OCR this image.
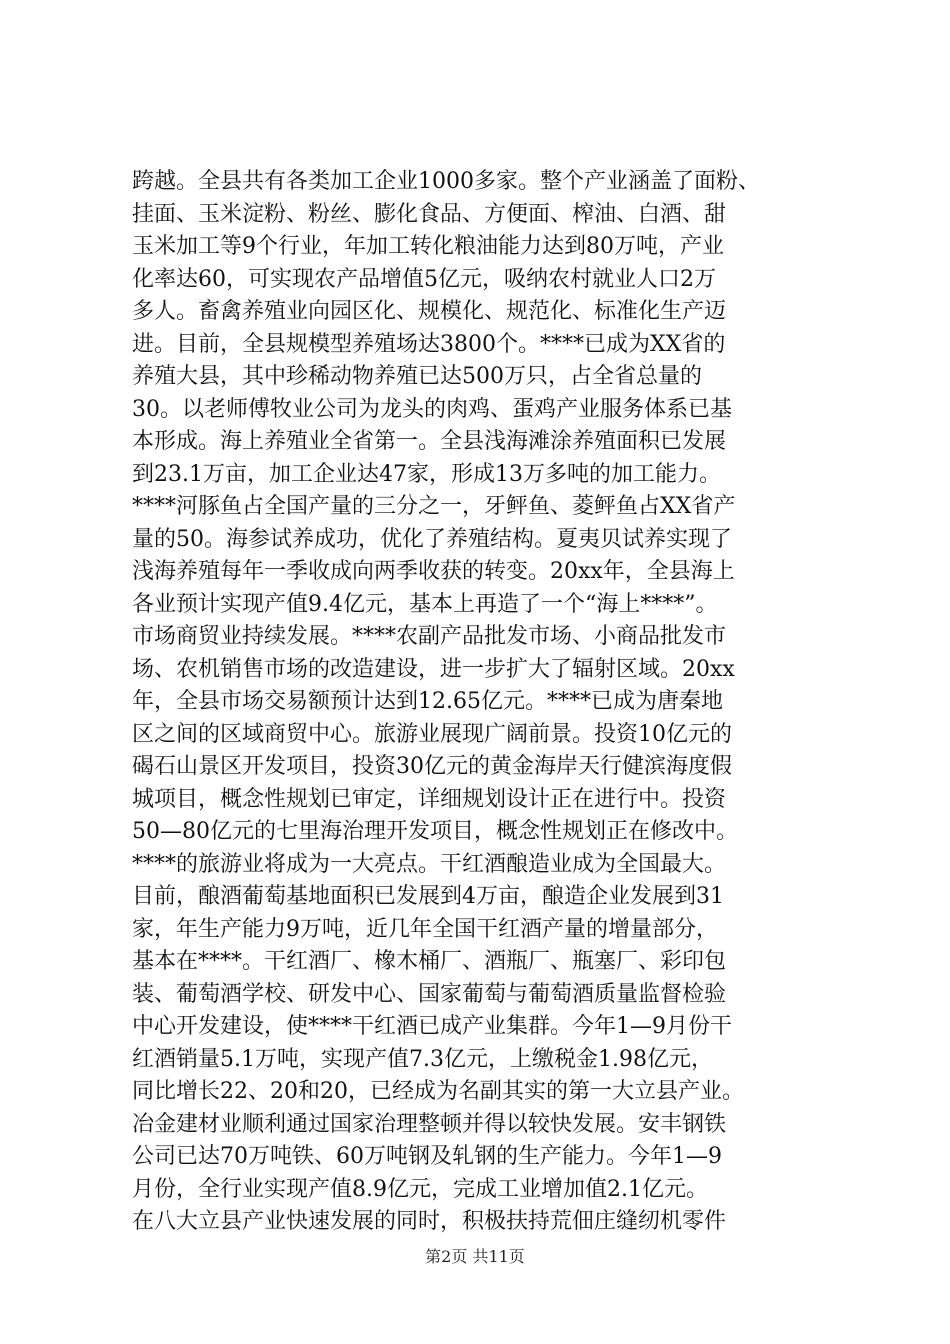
跨越。全县共有各类加工企业1000多家。整个产业涵盖了面粉、
挂面、玉米淀粉、粉丝、膨化食品、方便面、榨油、白酒、甜
玉米加工等9个行业，年加工转化粮油能力达到80万吨，产业
化率达60，可实现农产品增值5亿元，吸纳农村就业人口2万
多人。畜禽养殖业向园区化、规模化、规范化、标准化生产迈
进。目前，全县规模型养殖场达3800个。****已成为XX省的
养殖大县，其中珍稀动物养殖已达500万只，占全省总量的
30。以老师傅牧业公司为龙头的肉鸡、蛋鸡产业服务体系已基
本形成。海上养殖业全省第一。全县浅海滩涂养殖面积已发展
到23.1万亩，加工企业达47家，形成13万多吨的加工能力。
****河豚鱼占全国产量的三分之一，牙鲆鱼、菱鲆鱼占XX省产
量的50。海参试养成功，优化了养殖结构。夏夷贝试养实现了
浅海养殖每年一季收成向两季收获的转变。20xx年，全县海上
各业预计实现产值9.4亿元，基本上再造了一个“海上****”。
市场商贸业持续发展。****农副产品批发市场、小商品批发市
场、农机销售市场的改造建设，进一步扩大了辐射区域。20xx
年，全县市场交易额预计达到12.65亿元。****已成为唐秦地
区之间的区域商贸中心。旅游业展现广阔前景。投资10亿元的
碣石山景区开发项目，投资30亿元的黄金海岸天行健滨海度假
城项目，概念性规划已审定，详细规划设计正在进行中。投资
50—80亿元的七里海治理开发项目，概念性规划正在修改中。
****的旅游业将成为一大亮点。干红酒酿造业成为全国最大。
目前，酿酒葡萄基地面积已发展到4万亩，酿造企业发展到31
家，年生产能力9万吨，近几年全国干红酒产量的增量部分，
基本在****。干红酒厂、橡木桶厂、酒瓶厂、瓶塞厂、彩印包
装、葡萄酒学校、研发中心、国家葡萄与葡萄酒质量监督检验
中心开发建设，使****干红酒已成产业集群。今年1—9月份干
红酒销量5.1万吨，实现产值7.3亿元，上缴税金1.98亿元，
同比增长22、20和20，已经成为名副其实的第一大立县产业。
冶金建材业顺利通过国家治理整顿并得以较快发展。安丰钢铁
公司已达70万吨铁、60万吨钢及轧钢的生产能力。今年1—9
月份，全行业实现产值8.9亿元，完成工业增加值2.1亿元。
在八大立县产业快速发展的同时，积极扶持荒佃庄缝纫机零件
第2页 共11页
